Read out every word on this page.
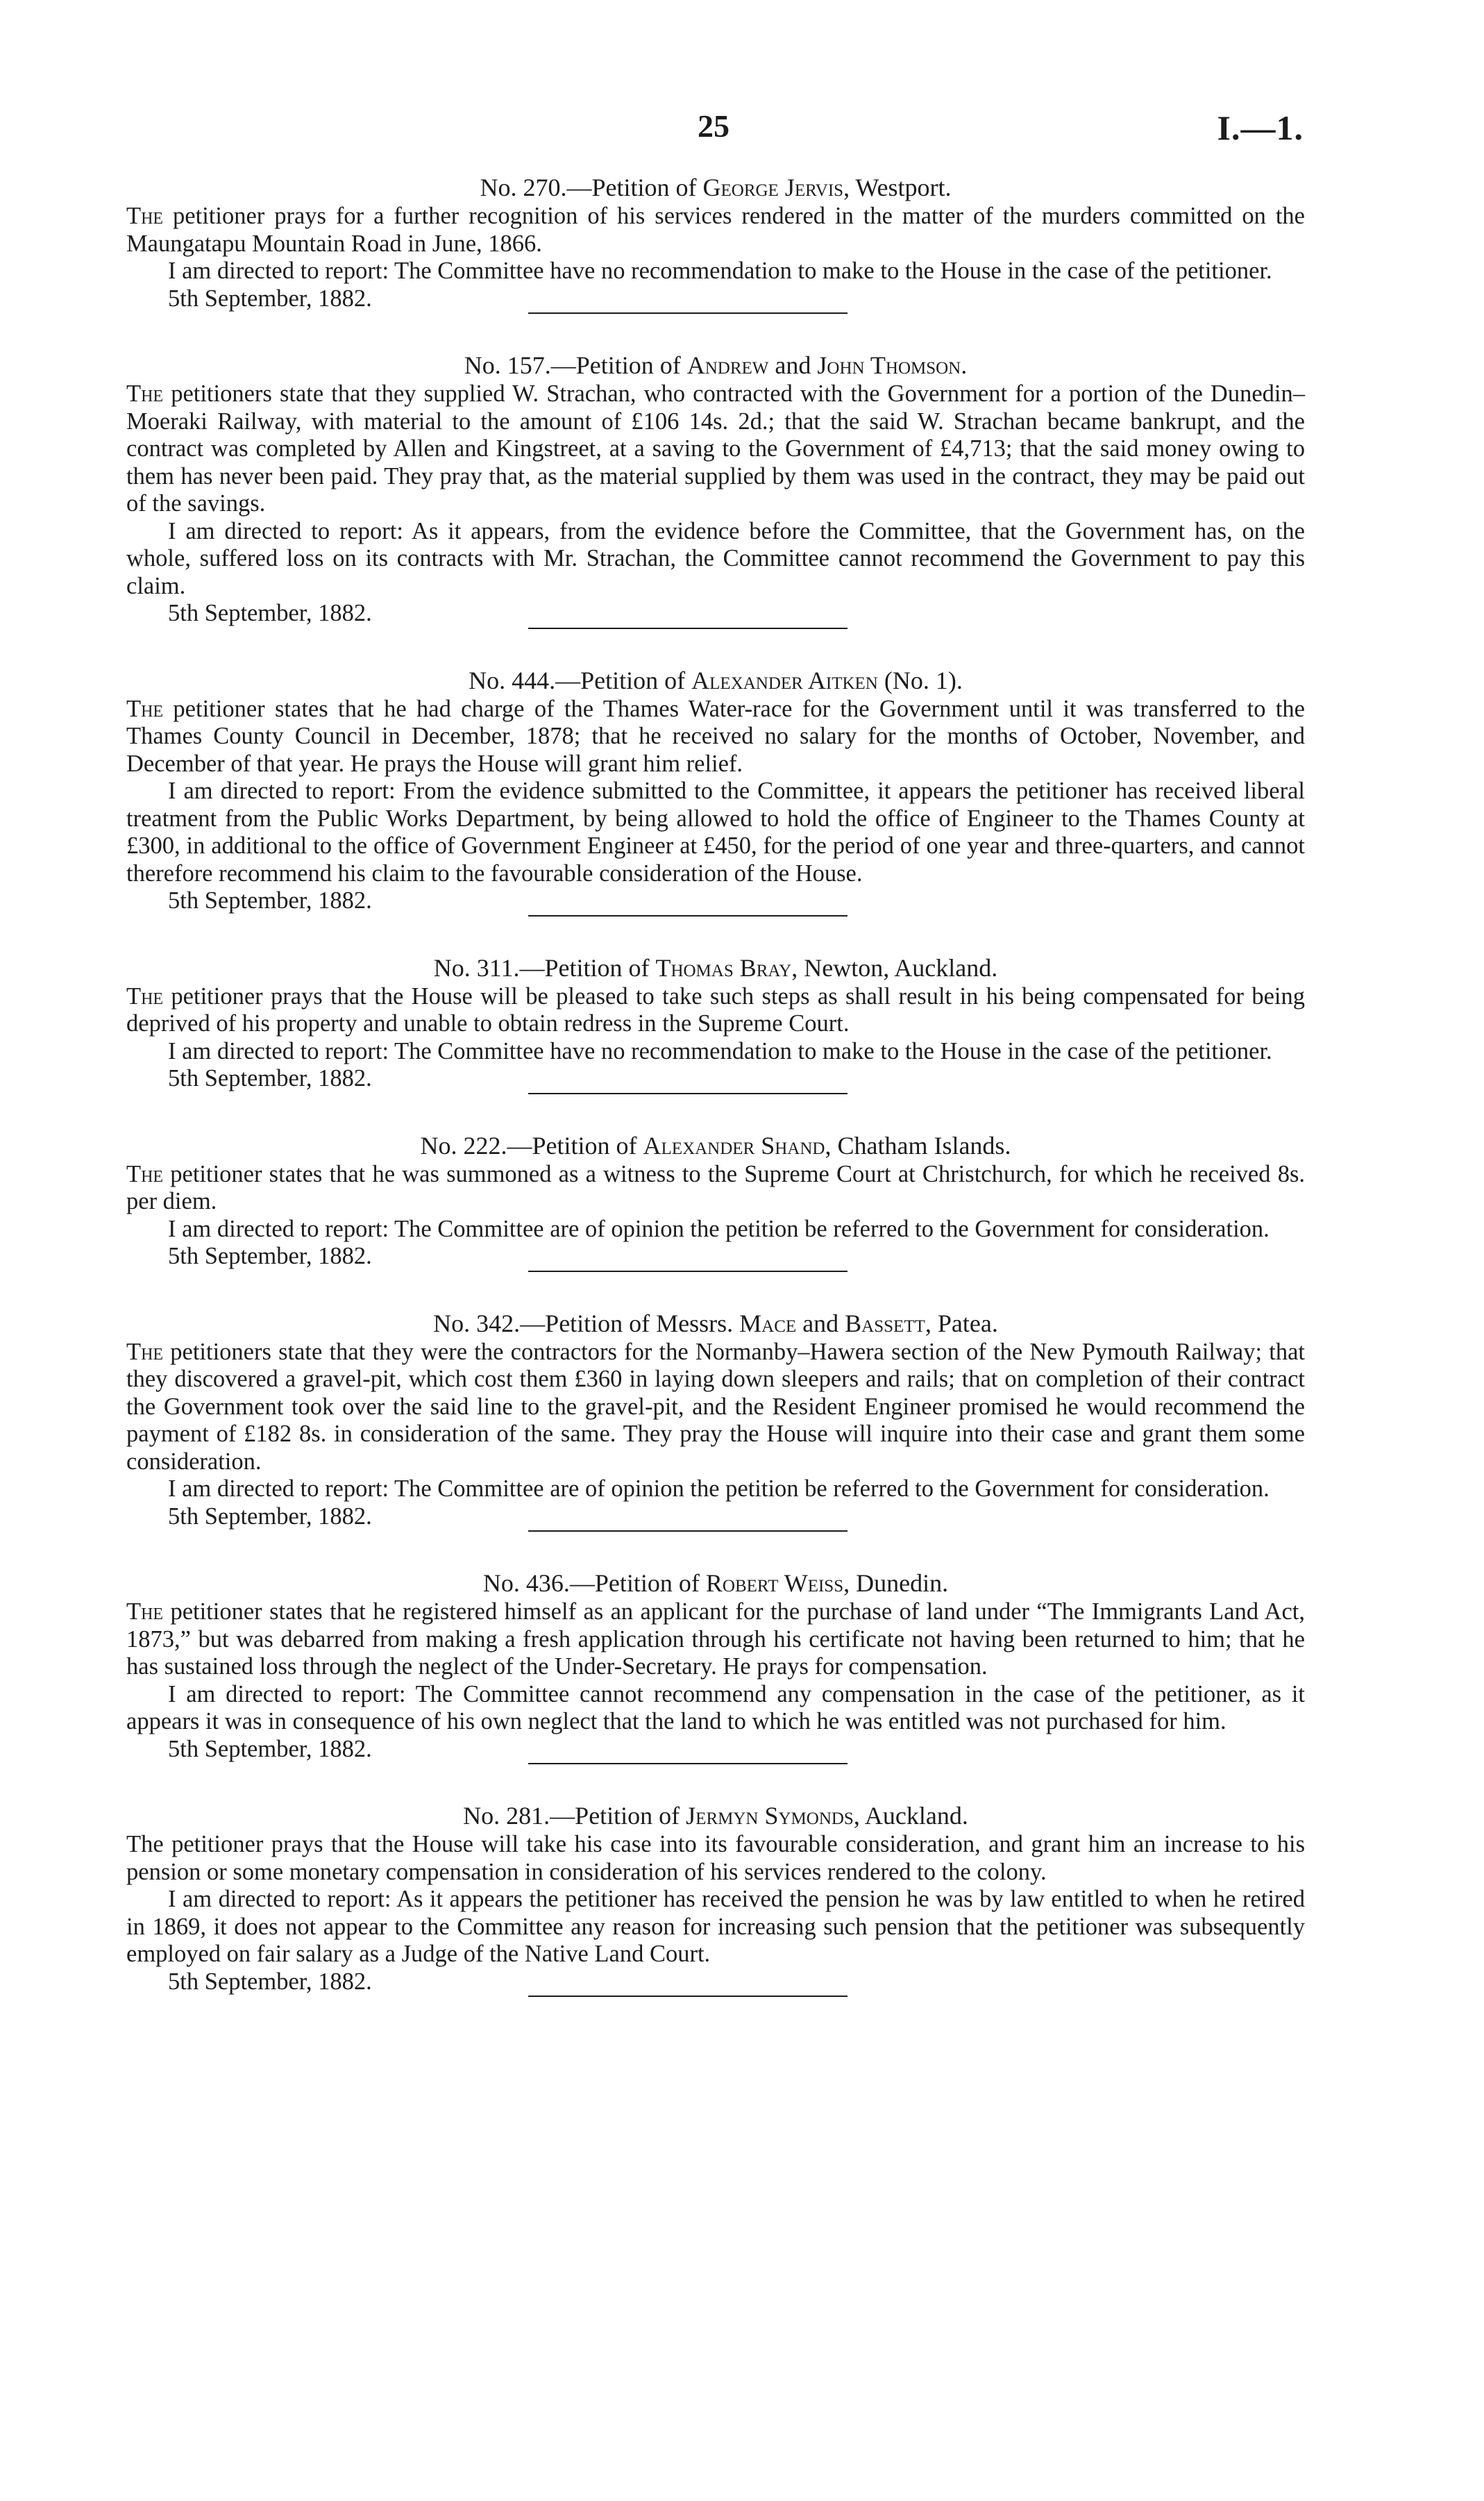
25	I.—1.

No. 270.—Petition of George Jervis, Westport.

The petitioner prays for a further recognition of his services rendered in the matter of the murders committed on the Maungatapu Mountain Road in June, 1866.

I am directed to report: The Committee have no recommendation to make to the House in the case of the petitioner.

5th September, 1882.

No. 157.—Petition of Andrew and John Thomson.

The petitioners state that they supplied W. Strachan, who contracted with the Government for a portion of the Dunedin–Moeraki Railway, with material to the amount of £106 14s. 2d.; that the said W. Strachan became bankrupt, and the contract was completed by Allen and Kingstreet, at a saving to the Government of £4,713; that the said money owing to them has never been paid. They pray that, as the material supplied by them was used in the contract, they may be paid out of the savings.

I am directed to report: As it appears, from the evidence before the Committee, that the Government has, on the whole, suffered loss on its contracts with Mr. Strachan, the Committee cannot recommend the Government to pay this claim.

5th September, 1882.

No. 444.—Petition of Alexander Aitken (No. 1).

The petitioner states that he had charge of the Thames Water-race for the Government until it was transferred to the Thames County Council in December, 1878; that he received no salary for the months of October, November, and December of that year. He prays the House will grant him relief.

I am directed to report: From the evidence submitted to the Committee, it appears the petitioner has received liberal treatment from the Public Works Department, by being allowed to hold the office of Engineer to the Thames County at £300, in additional to the office of Government Engineer at £450, for the period of one year and three-quarters, and cannot therefore recommend his claim to the favourable consideration of the House.

5th September, 1882.

No. 311.—Petition of Thomas Bray, Newton, Auckland.

The petitioner prays that the House will be pleased to take such steps as shall result in his being compensated for being deprived of his property and unable to obtain redress in the Supreme Court.

I am directed to report: The Committee have no recommendation to make to the House in the case of the petitioner.

5th September, 1882.

No. 222.—Petition of Alexander Shand, Chatham Islands.

The petitioner states that he was summoned as a witness to the Supreme Court at Christchurch, for which he received 8s. per diem.

I am directed to report: The Committee are of opinion the petition be referred to the Government for consideration.

5th September, 1882.

No. 342.—Petition of Messrs. Mace and Bassett, Patea.

The petitioners state that they were the contractors for the Normanby–Hawera section of the New Pymouth Railway; that they discovered a gravel-pit, which cost them £360 in laying down sleepers and rails; that on completion of their contract the Government took over the said line to the gravel-pit, and the Resident Engineer promised he would recommend the payment of £182 8s. in consideration of the same. They pray the House will inquire into their case and grant them some consideration.

I am directed to report: The Committee are of opinion the petition be referred to the Government for consideration.

5th September, 1882.

No. 436.—Petition of Robert Weiss, Dunedin.

The petitioner states that he registered himself as an applicant for the purchase of land under “The Immigrants Land Act, 1873,” but was debarred from making a fresh application through his certificate not having been returned to him; that he has sustained loss through the neglect of the Under-Secretary. He prays for compensation.

I am directed to report: The Committee cannot recommend any compensation in the case of the petitioner, as it appears it was in consequence of his own neglect that the land to which he was entitled was not purchased for him.

5th September, 1882.

No. 281.—Petition of Jermyn Symonds, Auckland.

The petitioner prays that the House will take his case into its favourable consideration, and grant him an increase to his pension or some monetary compensation in consideration of his services rendered to the colony.

I am directed to report: As it appears the petitioner has received the pension he was by law entitled to when he retired in 1869, it does not appear to the Committee any reason for increasing such pension that the petitioner was subsequently employed on fair salary as a Judge of the Native Land Court.

5th September, 1882.
